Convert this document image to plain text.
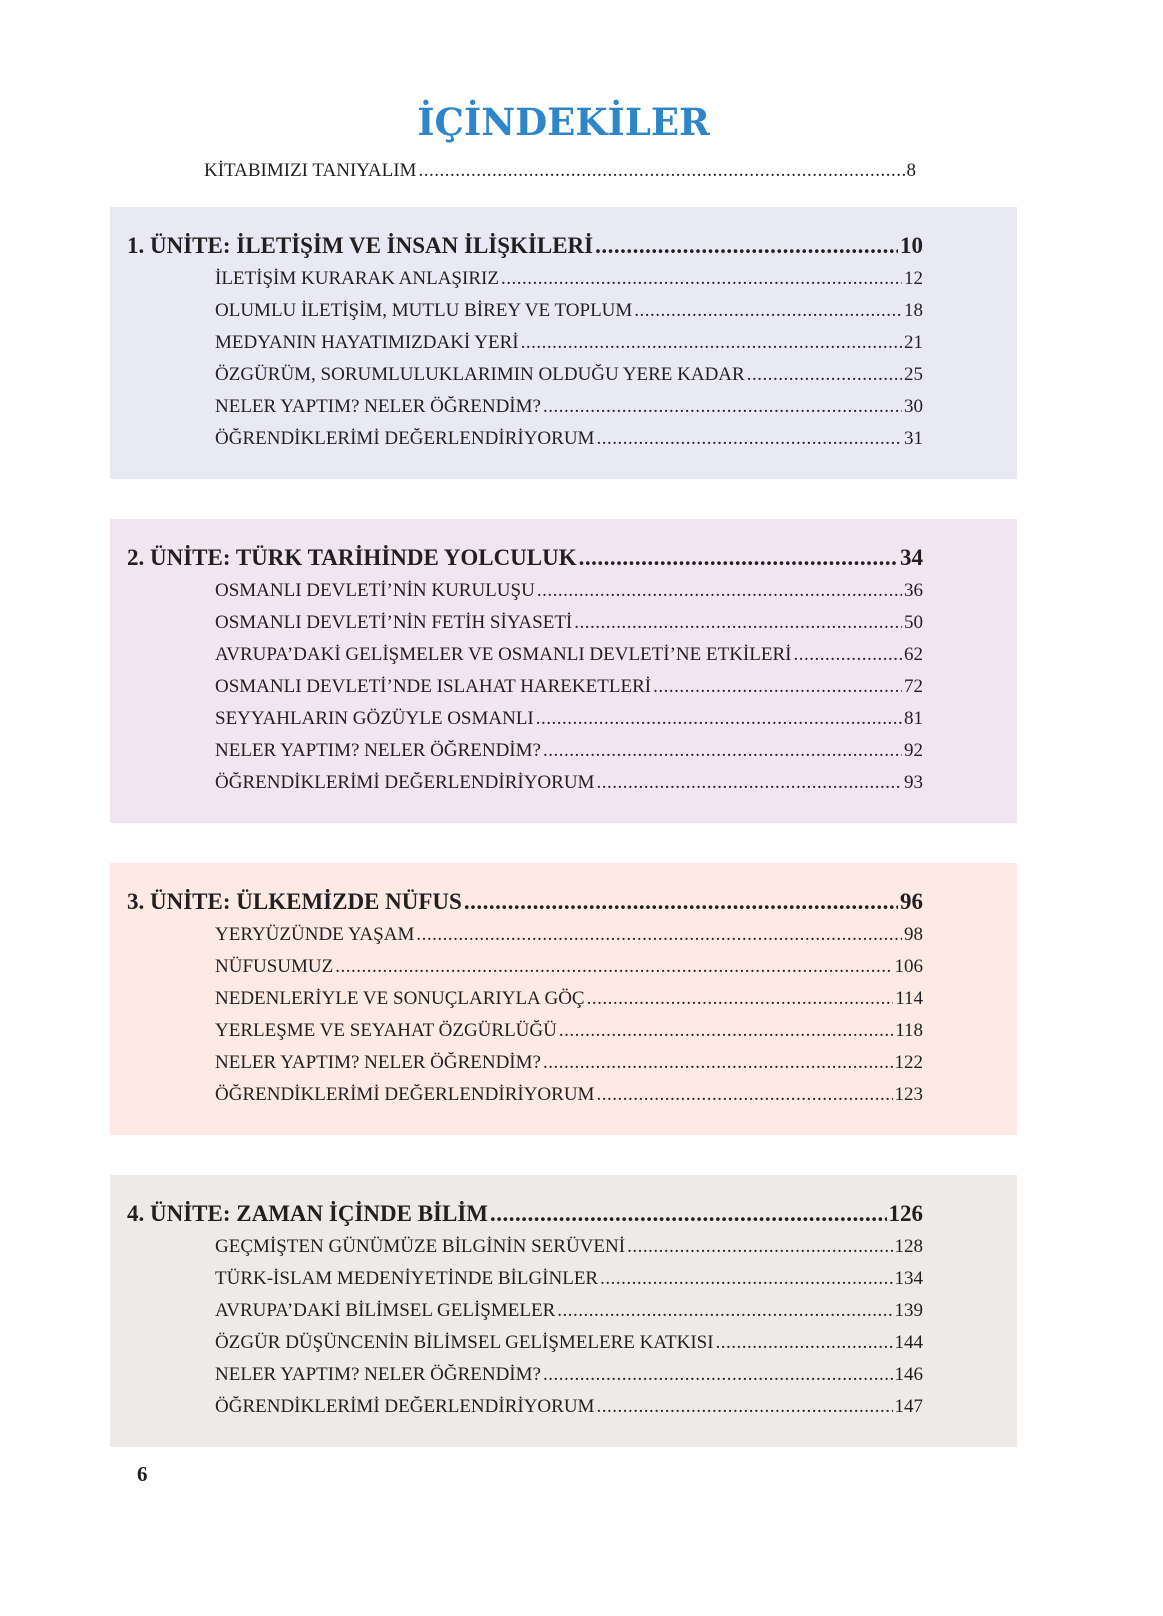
İÇİNDEKİLER
KİTABIMIZI TANIYALIM .....	8
1. ÜNİTE: İLETİŞİM VE İNSAN İLİŞKİLERİ .....	10
İLETİŞİM KURARAK ANLAŞIRIZ .....	12
OLUMLU İLETİŞİM, MUTLU BİREY VE TOPLUM .....	18
MEDYANIN HAYATIMIZDAKİ YERİ .....	21
ÖZGÜRÜM, SORUMLULUKLARIMIN OLDUĞU YERE KADAR .....	25
NELER YAPTIM? NELER ÖĞRENDİM? .....	30
ÖĞRENDİKLERİMİ DEĞERLENDİRİYORUM .....	31
2. ÜNİTE: TÜRK TARİHİNDE YOLCULUK .....	34
OSMANLI DEVLETİ’NİN KURULUŞU .....	36
OSMANLI DEVLETİ’NİN FETİH SİYASETİ .....	50
AVRUPA’DAKİ GELİŞMELER VE OSMANLI DEVLETİ’NE ETKİLERİ .....	62
OSMANLI DEVLETİ’NDE ISLAHAT HAREKETLERİ .....	72
SEYYAHLARIN GÖZÜYLE OSMANLI .....	81
NELER YAPTIM? NELER ÖĞRENDİM? .....	92
ÖĞRENDİKLERİMİ DEĞERLENDİRİYORUM .....	93
3. ÜNİTE: ÜLKEMİZDE NÜFUS .....	96
YERYÜZÜNDE YAŞAM .....	98
NÜFUSUMUZ .....	106
NEDENLERİYLE VE SONUÇLARIYLA GÖÇ .....	114
YERLEŞME VE SEYAHAT ÖZGÜRLÜĞÜ .....	118
NELER YAPTIM? NELER ÖĞRENDİM? .....	122
ÖĞRENDİKLERİMİ DEĞERLENDİRİYORUM .....	123
4. ÜNİTE: ZAMAN İÇİNDE BİLİM .....	126
GEÇMİŞTEN GÜNÜMÜZE BİLGİNİN SERÜVENİ .....	128
TÜRK-İSLAM MEDENİYETİNDE BİLGİNLER .....	134
AVRUPA’DAKİ BİLİMSEL GELİŞMELER .....	139
ÖZGÜR DÜŞÜNCENİN BİLİMSEL GELİŞMELERE KATKISI .....	144
NELER YAPTIM? NELER ÖĞRENDİM? .....	146
ÖĞRENDİKLERİMİ DEĞERLENDİRİYORUM .....	147
6
